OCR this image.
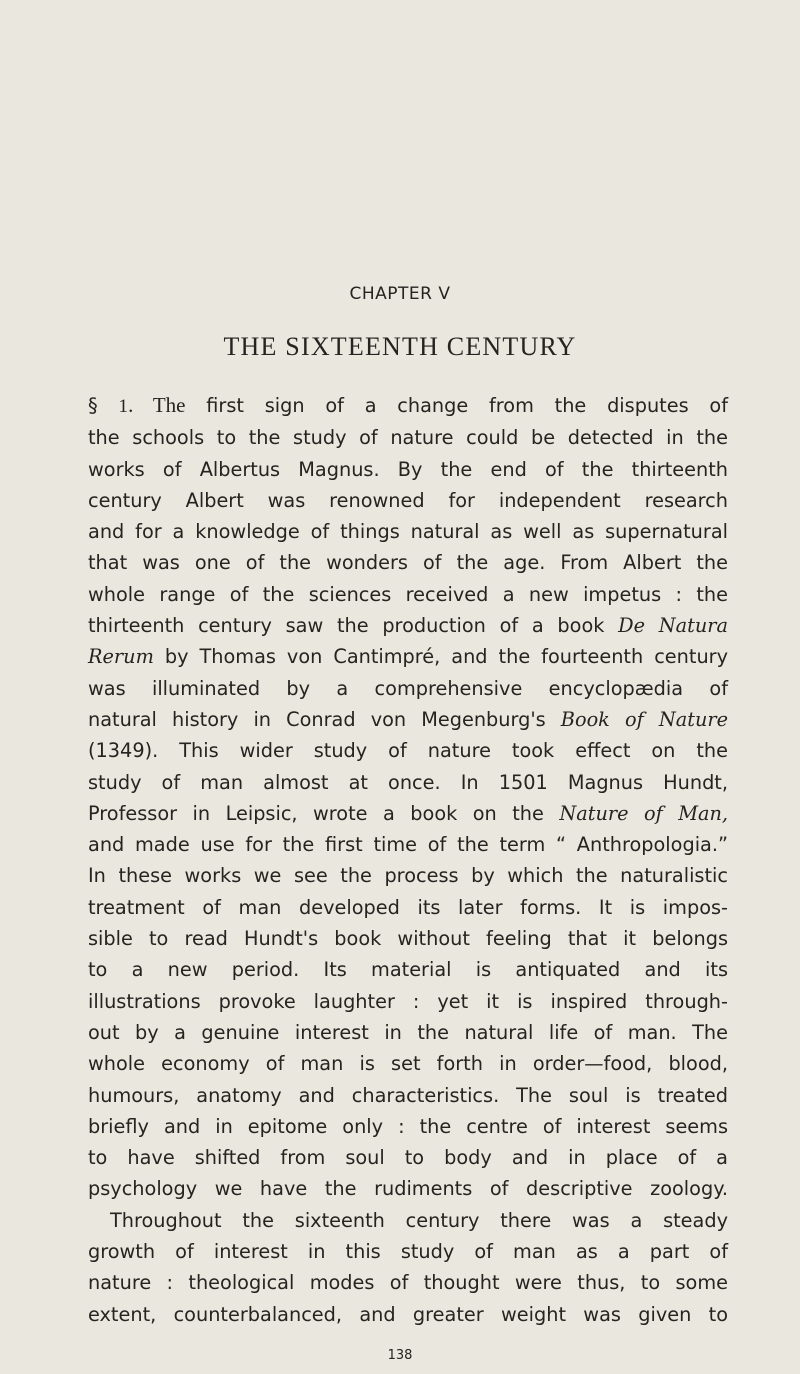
CHAPTER V
THE SIXTEENTH CENTURY
§ 1. The first sign of a change from the disputes of
the schools to the study of nature could be detected in the
works of Albertus Magnus. By the end of the thirteenth
century Albert was renowned for independent research
and for a knowledge of things natural as well as supernatural
that was one of the wonders of the age. From Albert the
whole range of the sciences received a new impetus : the
thirteenth century saw the production of a book De Natura
Rerum by Thomas von Cantimpré, and the fourteenth century
was illuminated by a comprehensive encyclopædia of
natural history in Conrad von Megenburg's Book of Nature
(1349). This wider study of nature took effect on the
study of man almost at once. In 1501 Magnus Hundt,
Professor in Leipsic, wrote a book on the Nature of Man,
and made use for the first time of the term “ Anthropologia.”
In these works we see the process by which the naturalistic
treatment of man developed its later forms. It is impos-
sible to read Hundt's book without feeling that it belongs
to a new period. Its material is antiquated and its
illustrations provoke laughter : yet it is inspired through-
out by a genuine interest in the natural life of man. The
whole economy of man is set forth in order—food, blood,
humours, anatomy and characteristics. The soul is treated
briefly and in epitome only : the centre of interest seems
to have shifted from soul to body and in place of a
psychology we have the rudiments of descriptive zoology.
Throughout the sixteenth century there was a steady
growth of interest in this study of man as a part of
nature : theological modes of thought were thus, to some
extent, counterbalanced, and greater weight was given to
138
